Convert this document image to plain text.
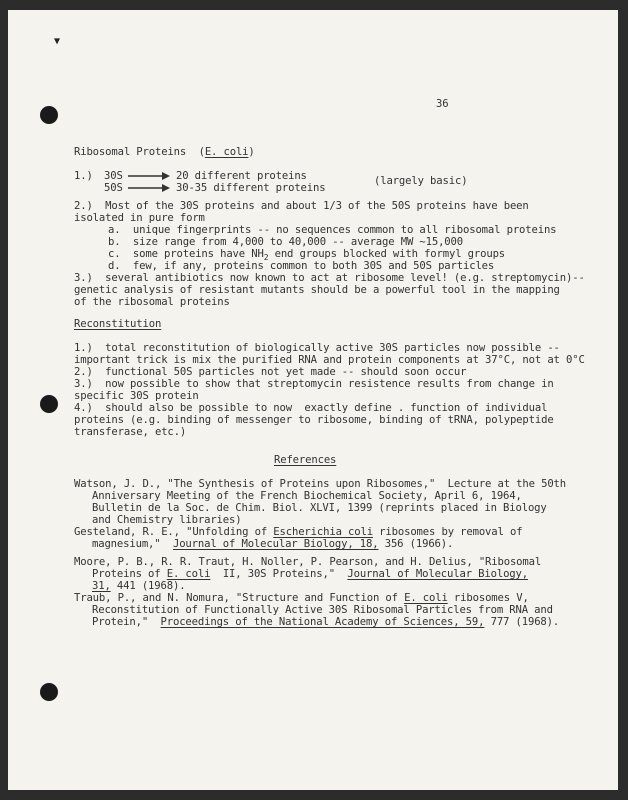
▼
36
Ribosomal Proteins (E. coli)
1.) 30S	20 different proteins
50S	30-35 different proteins
(largely basic)
2.)  Most of the 30S proteins and about 1/3 of the 50S proteins have been
isolated in pure form
a.  unique fingerprints -- no sequences common to all ribosomal proteins
b.  size range from 4,000 to 40,000 -- average MW ~15,000
c.  some proteins have $NH_2$ end groups blocked with formyl groups
d.  few, if any, proteins common to both 30S and 50S particles
3.)  several antibiotics now known to act at ribosome level! (e.g. streptomycin)--
genetic analysis of resistant mutants should be a powerful tool in the mapping
of the ribosomal proteins
Reconstitution
1.)  total reconstitution of biologically active 30S particles now possible --
important trick is mix the purified RNA and protein components at 37°C, not at 0°C
2.)  functional 50S particles not yet made -- should soon occur
3.)  now possible to show that streptomycin resistence results from change in
specific 30S protein
4.)  should also be possible to now  exactly define . function of individual
proteins (e.g. binding of messenger to ribosome, binding of tRNA, polypeptide
transferase, etc.)
References
Watson, J. D., "The Synthesis of Proteins upon Ribosomes,"  Lecture at the 50th
Anniversary Meeting of the French Biochemical Society, April 6, 1964,
Bulletin de la Soc. de Chim. Biol. XLVI, 1399 (reprints placed in Biology
and Chemistry libraries)
Gesteland, R. E., "Unfolding of Escherichia coli ribosomes by removal of
magnesium,"  Journal of Molecular Biology, 18, 356 (1966).
Moore, P. B., R. R. Traut, H. Noller, P. Pearson, and H. Delius, "Ribosomal
Proteins of E. coli  II, 30S Proteins,"  Journal of Molecular Biology,
31, 441 (1968).
Traub, P., and N. Nomura, "Structure and Function of E. coli ribosomes V,
Reconstitution of Functionally Active 30S Ribosomal Particles from RNA and
Protein,"  Proceedings of the National Academy of Sciences, 59, 777 (1968).
